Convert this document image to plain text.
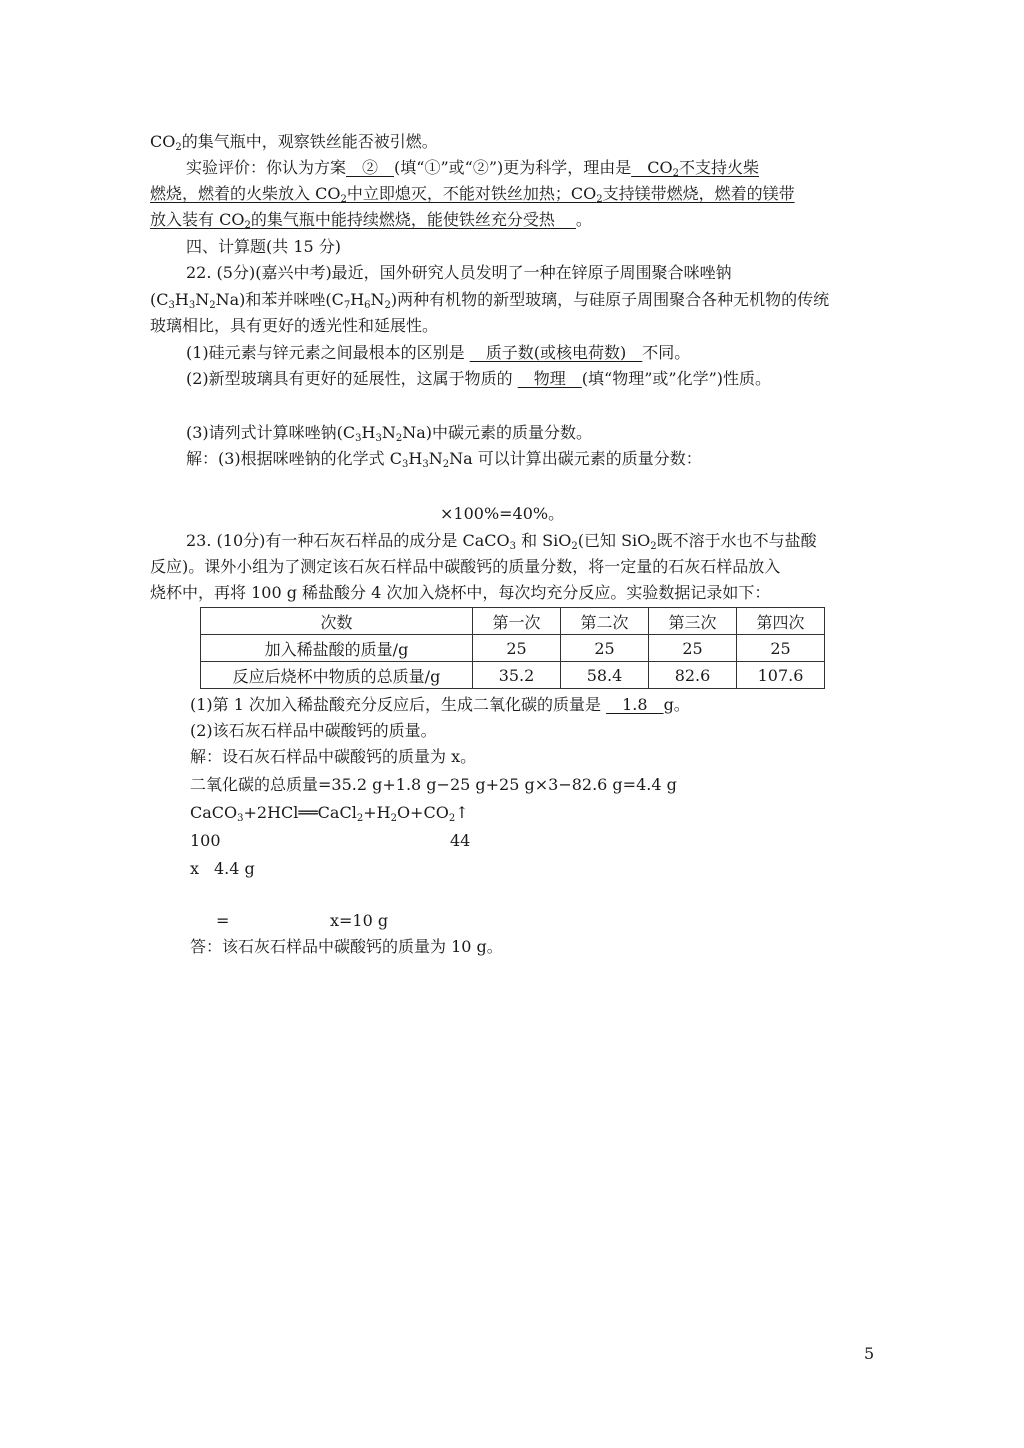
$CO_2$的集气瓶中，观察铁丝能否被引燃。
实验评价：你认为方案__②__(填“①”或“②”)更为科学，理由是$\_\_CO_2$不支持火柴
燃烧，燃着的火柴放入 $CO_2$中立即熄灭，不能对铁丝加热；$CO_2$支持镁带燃烧，燃着的镁带
放入装有 $CO_2$的集气瓶中能持续燃烧，能使铁丝充分受热 __。
四、计算题(共 15 分)
22. (5分)(嘉兴中考)最近，国外研究人员发明了一种在锌原子周围聚合咪唑钠
$(C_3H_3N_2Na)$和苯并咪唑$(C_7H_6N_2)$两种有机物的新型玻璃，与硅原子周围聚合各种无机物的传统
玻璃相比，具有更好的透光性和延展性。
(1)硅元素与锌元素之间最根本的区别是 __质子数(或核电荷数)__不同。
(2)新型玻璃具有更好的延展性，这属于物质的 __物理__(填“物理”或”化学”)性质。
(3)请列式计算咪唑钠$(C_3H_3N_2Na)$中碳元素的质量分数。
解：(3)根据咪唑钠的化学式 $C_3H_3N_2Na$ 可以计算出碳元素的质量分数：
×100%=40%。
23. (10分)有一种石灰石样品的成分是 CaCO$_3$ 和 SiO$_2$(已知 SiO$_2$既不溶于水也不与盐酸
反应)。课外小组为了测定该石灰石样品中碳酸钙的质量分数，将一定量的石灰石样品放入
烧杯中，再将 100 g 稀盐酸分 4 次加入烧杯中，每次均充分反应。实验数据记录如下：
次数	第一次	第二次	第三次	第四次
加入稀盐酸的质量/g	25	25	25	25
反应后烧杯中物质的总质量/g	35.2	58.4	82.6	107.6
(1)第 1 次加入稀盐酸充分反应后，生成二氧化碳的质量是 __1.8__g。
(2)该石灰石样品中碳酸钙的质量。
解：设石灰石样品中碳酸钙的质量为 x。
二氧化碳的总质量=35.2 g+1.8 g−25 g+25 g×3−82.6 g=4.4 g
$CaCO_3+2HCl══CaCl_2+H_2O+CO_2↑$
100	44
x 4.4 g
=	x=10 g
答：该石灰石样品中碳酸钙的质量为 10 g。
5
